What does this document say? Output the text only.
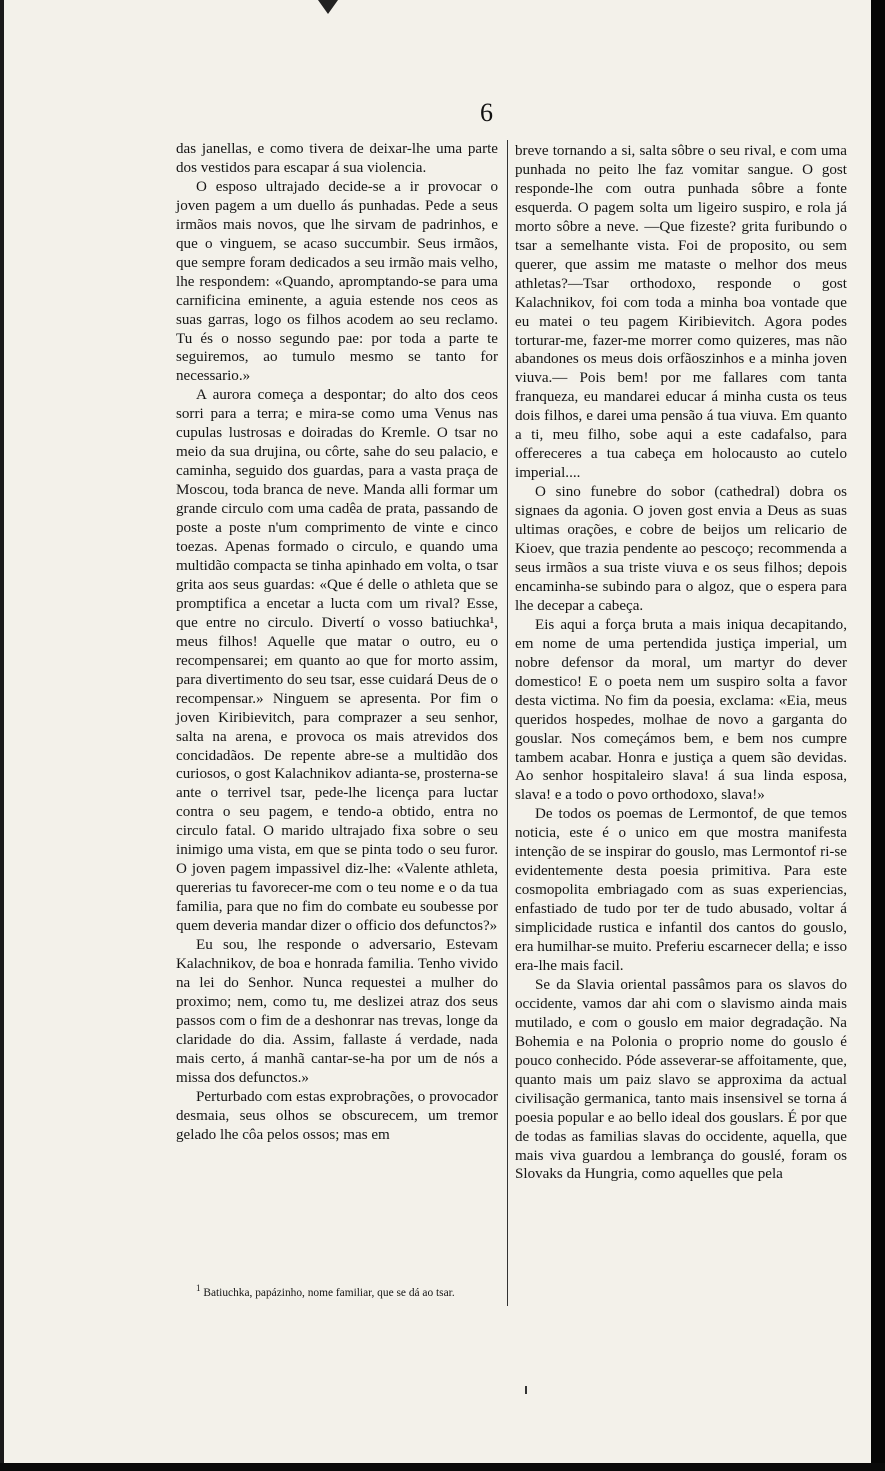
6

das janellas, e como tivera de deixar-lhe uma parte dos vestidos para escapar á sua violencia.

O esposo ultrajado decide-se a ir provocar o joven pagem a um duello ás punhadas. Pede a seus irmãos mais novos, que lhe sirvam de padrinhos, e que o vinguem, se acaso succumbir. Seus irmãos, que sempre foram dedicados a seu irmão mais velho, lhe respondem: «Quando, apromptando-se para uma carnificina eminente, a aguia estende nos ceos as suas garras, logo os filhos acodem ao seu reclamo. Tu és o nosso segundo pae: por toda a parte te seguiremos, ao tumulo mesmo se tanto for necessario.»

A aurora começa a despontar; do alto dos ceos sorri para a terra; e mira-se como uma Venus nas cupulas lustrosas e doiradas do Kremle. O tsar no meio da sua drujina, ou côrte, sahe do seu palacio, e caminha, seguido dos guardas, para a vasta praça de Moscou, toda branca de neve. Manda alli formar um grande circulo com uma cadêa de prata, passando de poste a poste n'um comprimento de vinte e cinco toezas. Apenas formado o circulo, e quando uma multidão compacta se tinha apinhado em volta, o tsar grita aos seus guardas: «Que é delle o athleta que se promptifica a encetar a lucta com um rival? Esse, que entre no circulo. Divertí o vosso batiuchka¹, meus filhos! Aquelle que matar o outro, eu o recompensarei; em quanto ao que for morto assim, para divertimento do seu tsar, esse cuidará Deus de o recompensar.» Ninguem se apresenta. Por fim o joven Kiribievitch, para comprazer a seu senhor, salta na arena, e provoca os mais atrevidos dos concidadãos. De repente abre-se a multidão dos curiosos, o gost Kalachnikov adianta-se, prosterna-se ante o terrivel tsar, pede-lhe licença para luctar contra o seu pagem, e tendo-a obtido, entra no circulo fatal. O marido ultrajado fixa sobre o seu inimigo uma vista, em que se pinta todo o seu furor. O joven pagem impassivel diz-lhe: «Valente athleta, quererias tu favorecer-me com o teu nome e o da tua familia, para que no fim do combate eu soubesse por quem deveria mandar dizer o officio dos defunctos?»

Eu sou, lhe responde o adversario, Estevam Kalachnikov, de boa e honrada familia. Tenho vivido na lei do Senhor. Nunca requestei a mulher do proximo; nem, como tu, me deslizei atraz dos seus passos com o fim de a deshonrar nas trevas, longe da claridade do dia. Assim, fallaste á verdade, nada mais certo, á manhã cantar-se-ha por um de nós a missa dos defunctos.»

Perturbado com estas exprobrações, o provocador desmaia, seus olhos se obscurecem, um tremor gelado lhe côa pelos ossos; mas em

breve tornando a si, salta sôbre o seu rival, e com uma punhada no peito lhe faz vomitar sangue. O gost responde-lhe com outra punhada sôbre a fonte esquerda. O pagem solta um ligeiro suspiro, e rola já morto sôbre a neve. —Que fizeste? grita furibundo o tsar a semelhante vista. Foi de proposito, ou sem querer, que assim me mataste o melhor dos meus athletas?—Tsar orthodoxo, responde o gost Kalachnikov, foi com toda a minha boa vontade que eu matei o teu pagem Kiribievitch. Agora podes torturar-me, fazer-me morrer como quizeres, mas não abandones os meus dois orfãoszinhos e a minha joven viuva.— Pois bem! por me fallares com tanta franqueza, eu mandarei educar á minha custa os teus dois filhos, e darei uma pensão á tua viuva. Em quanto a ti, meu filho, sobe aqui a este cadafalso, para offereceres a tua cabeça em holocausto ao cutelo imperial....

O sino funebre do sobor (cathedral) dobra os signaes da agonia. O joven gost envia a Deus as suas ultimas orações, e cobre de beijos um relicario de Kioev, que trazia pendente ao pescoço; recommenda a seus irmãos a sua triste viuva e os seus filhos; depois encaminha-se subindo para o algoz, que o espera para lhe decepar a cabeça.

Eis aqui a força bruta a mais iniqua decapitando, em nome de uma pertendida justiça imperial, um nobre defensor da moral, um martyr do dever domestico! E o poeta nem um suspiro solta a favor desta victima. No fim da poesia, exclama: «Eia, meus queridos hospedes, molhae de novo a garganta do gouslar. Nos começámos bem, e bem nos cumpre tambem acabar. Honra e justiça a quem são devidas. Ao senhor hospitaleiro slava! á sua linda esposa, slava! e a todo o povo orthodoxo, slava!»

De todos os poemas de Lermontof, de que temos noticia, este é o unico em que mostra manifesta intenção de se inspirar do gouslo, mas Lermontof ri-se evidentemente desta poesia primitiva. Para este cosmopolita embriagado com as suas experiencias, enfastiado de tudo por ter de tudo abusado, voltar á simplicidade rustica e infantil dos cantos do gouslo, era humilhar-se muito. Preferiu escarnecer della; e isso era-lhe mais facil.

Se da Slavia oriental passâmos para os slavos do occidente, vamos dar ahi com o slavismo ainda mais mutilado, e com o gouslo em maior degradação. Na Bohemia e na Polonia o proprio nome do gouslo é pouco conhecido. Póde asseverar-se affoitamente, que, quanto mais um paiz slavo se approxima da actual civilisação germanica, tanto mais insensivel se torna á poesia popular e ao bello ideal dos gouslars. É por que de todas as familias slavas do occidente, aquella, que mais viva guardou a lembrança do gouslé, foram os Slovaks da Hungria, como aquelles que pela

$^1$ Batiuchka, papázinho, nome familiar, que se dá ao tsar.
